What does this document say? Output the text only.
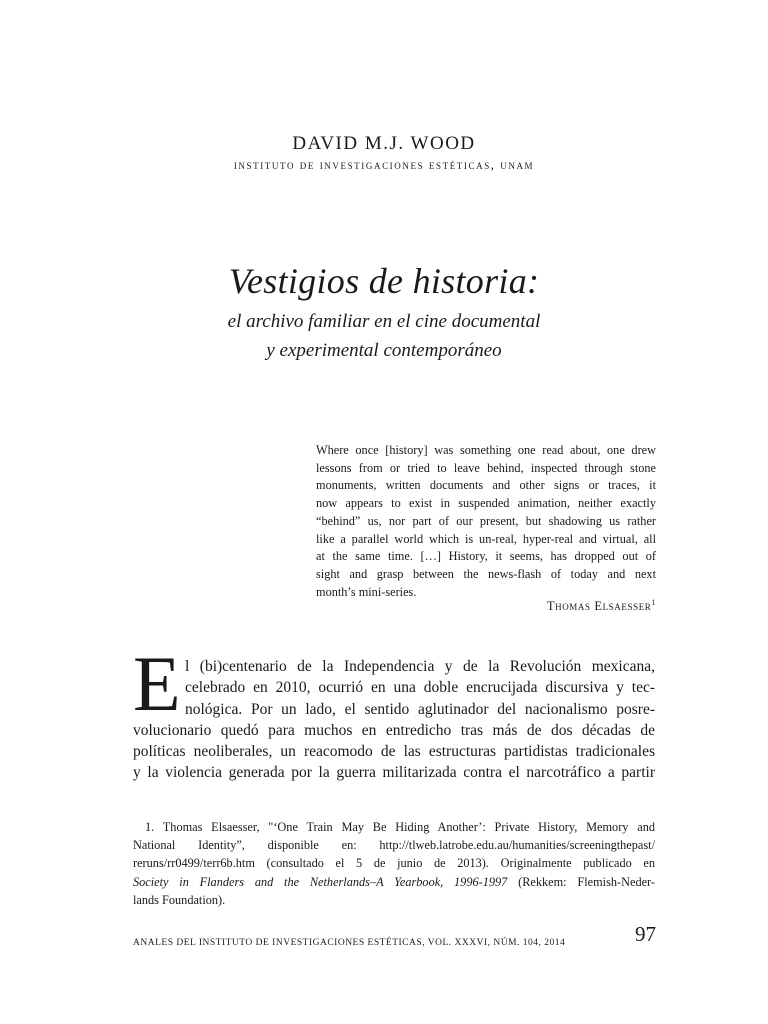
DAVID M.J. WOOD
instituto de investigaciones estéticas, unam
Vestigios de historia:
el archivo familiar en el cine documental
y experimental contemporáneo
Where once [history] was something one read about, one drew
lessons from or tried to leave behind, inspected through stone
monuments, written documents and other signs or traces, it
now appears to exist in suspended animation, neither exactly
“behind” us, nor part of our present, but shadowing us rather
like a parallel world which is un-real, hyper-real and virtual, all
at the same time. […] History, it seems, has dropped out of
sight and grasp between the news-flash of today and next
month’s mini-series.
Thomas Elsaesser$^1$
E l (bi)centenario de la Independencia y de la Revolución mexicana,
celebrado en 2010, ocurrió en una doble encrucijada discursiva y tec-
nológica. Por un lado, el sentido aglutinador del nacionalismo posre-
volucionario quedó para muchos en entredicho tras más de dos décadas de
políticas neoliberales, un reacomodo de las estructuras partidistas tradicionales
y la violencia generada por la guerra militarizada contra el narcotráfico a partir
1. Thomas Elsaesser, "‘One Train May Be Hiding Another’: Private History, Memory and
National Identity”, disponible en: http://tlweb.latrobe.edu.au/humanities/screeningthepast/
reruns/rr0499/terr6b.htm (consultado el 5 de junio de 2013). Originalmente publicado en
Society in Flanders and the Netherlands–A Yearbook, 1996-1997 (Rekkem: Flemish-Neder-
lands Foundation).
ANALES DEL INSTITUTO DE INVESTIGACIONES ESTÉTICAS, VOL. XXXVI, NÚM. 104, 2014	97
